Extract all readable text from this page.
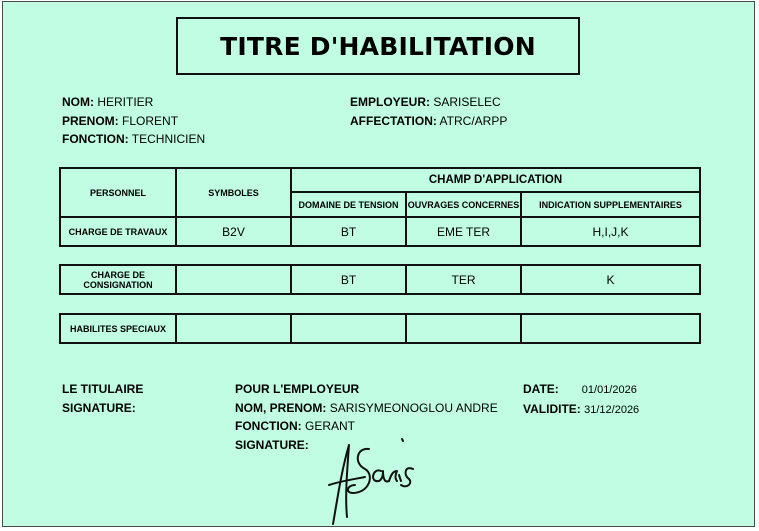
TITRE D'HABILITATION
NOM: HERITIER
PRENOM: FLORENT
FONCTION: TECHNICIEN
EMPLOYEUR: SARISELEC
AFFECTATION: ATRC/ARPP
PERSONNEL	SYMBOLES	CHAMP D'APPLICATION		
		DOMAINE DE TENSION	OUVRAGES CONCERNES	INDICATION SUPPLEMENTAIRES
CHARGE DE TRAVAUX	B2V	BT	EME TER	H,I,J,K
CHARGE DE CONSIGNATION		BT	TER	K
HABILITES SPECIAUX				
LE TITULAIRE
SIGNATURE:
POUR L'EMPLOYEUR
NOM, PRENOM: SARISYMEONOGLOU ANDRE
FONCTION: GERANT
SIGNATURE:
DATE: 01/01/2026
VALIDITE: 31/12/2026
